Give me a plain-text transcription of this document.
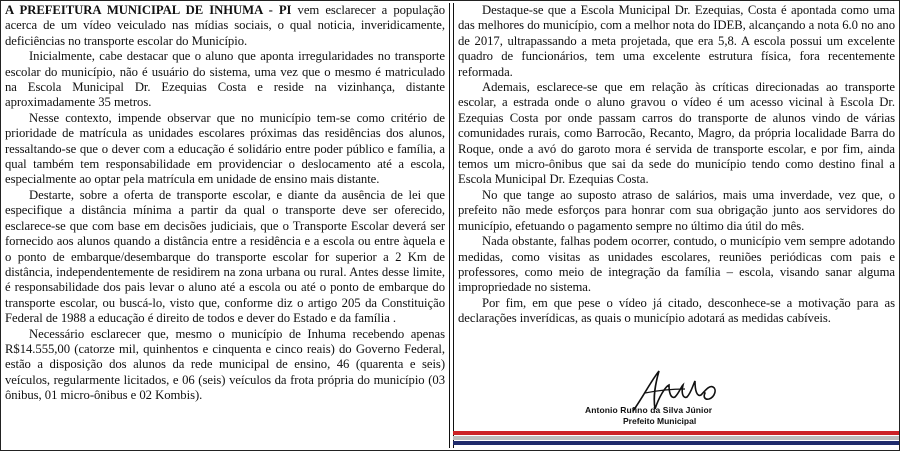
A PREFEITURA MUNICIPAL DE INHUMA - PI vem esclarecer a população acerca de um vídeo veiculado nas mídias sociais, o qual noticia, inveridicamente, deficiências no transporte escolar do Município.

Inicialmente, cabe destacar que o aluno que aponta irregularidades no transporte escolar do município, não é usuário do sistema, uma vez que o mesmo é matriculado na Escola Municipal Dr. Ezequias Costa e reside na vizinhança, distante aproximadamente 35 metros.

Nesse contexto, impende observar que no município tem-se como critério de prioridade de matrícula as unidades escolares próximas das residências dos alunos, ressaltando-se que o dever com a educação é solidário entre poder público e família, a qual também tem responsabilidade em providenciar o deslocamento até a escola, especialmente ao optar pela matrícula em unidade de ensino mais distante.

Destarte, sobre a oferta de transporte escolar, e diante da ausência de lei que especifique a distância mínima a partir da qual o transporte deve ser oferecido, esclarece-se que com base em decisões judiciais, que o Transporte Escolar deverá ser fornecido aos alunos quando a distância entre a residência e a escola ou entre àquela e o ponto de embarque/desembarque do transporte escolar for superior a 2 Km de distância, independentemente de residirem na zona urbana ou rural. Antes desse limite, é responsabilidade dos pais levar o aluno até a escola ou até o ponto de embarque do transporte escolar, ou buscá-lo, visto que, conforme diz o artigo 205 da Constituição Federal de 1988 a educação é direito de todos e dever do Estado e da família .

Necessário esclarecer que, mesmo o município de Inhuma recebendo apenas R$14.555,00 (catorze mil, quinhentos e cinquenta e cinco reais) do Governo Federal, estão a disposição dos alunos da rede municipal de ensino, 46 (quarenta e seis) veículos, regularmente licitados, e 06 (seis) veículos da frota própria do município (03 ônibus, 01 micro-ônibus e 02 Kombis).

Destaque-se que a Escola Municipal Dr. Ezequias, Costa é apontada como uma das melhores do município, com a melhor nota do IDEB, alcançando a nota 6.0 no ano de 2017, ultrapassando a meta projetada, que era 5,8. A escola possui um excelente quadro de funcionários, tem uma excelente estrutura física, fora recentemente reformada.

Ademais, esclarece-se que em relação às críticas direcionadas ao transporte escolar, a estrada onde o aluno gravou o vídeo é um acesso vicinal à Escola Dr. Ezequias Costa por onde passam carros do transporte de alunos vindo de várias comunidades rurais, como Barrocão, Recanto, Magro, da própria localidade Barra do Roque, onde a avó do garoto mora é servida de transporte escolar, e por fim, ainda temos um micro-ônibus que sai da sede do município tendo como destino final a Escola Municipal Dr. Ezequias Costa.

No que tange ao suposto atraso de salários, mais uma inverdade, vez que, o prefeito não mede esforços para honrar com sua obrigação junto aos servidores do município, efetuando o pagamento sempre no último dia útil do mês.

Nada obstante, falhas podem ocorrer, contudo, o município vem sempre adotando medidas, como visitas as unidades escolares, reuniões periódicas com pais e professores, como meio de integração da família – escola, visando sanar alguma impropriedade no sistema.

Por fim, em que pese o vídeo já citado, desconhece-se a motivação para as declarações inverídicas, as quais o município adotará as medidas cabíveis.

Antonio Rufino da Silva Júnior
Prefeito Municipal
